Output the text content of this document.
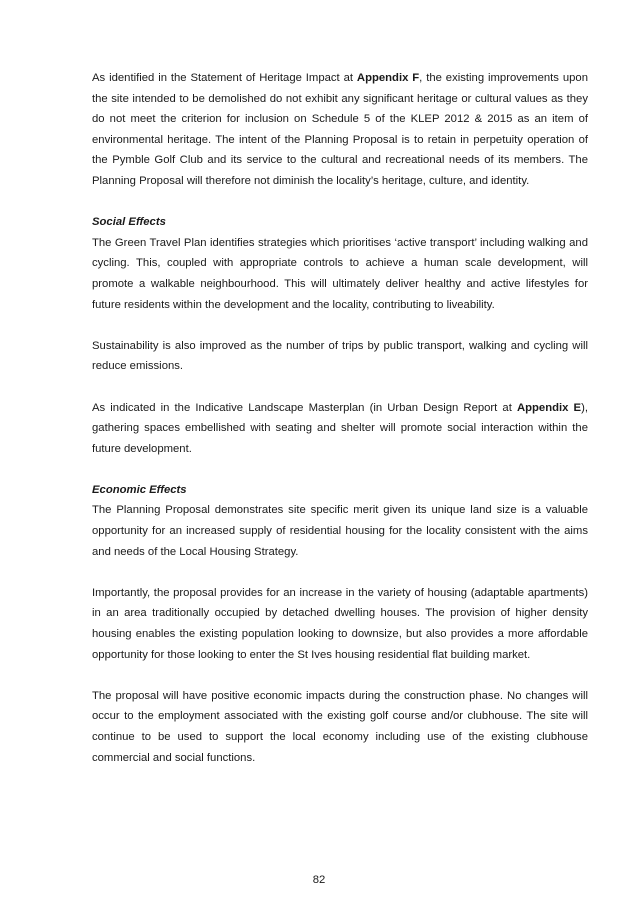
As identified in the Statement of Heritage Impact at Appendix F, the existing improvements upon the site intended to be demolished do not exhibit any significant heritage or cultural values as they do not meet the criterion for inclusion on Schedule 5 of the KLEP 2012 & 2015 as an item of environmental heritage. The intent of the Planning Proposal is to retain in perpetuity operation of the Pymble Golf Club and its service to the cultural and recreational needs of its members. The Planning Proposal will therefore not diminish the locality’s heritage, culture, and identity.

Social Effects

The Green Travel Plan identifies strategies which prioritises ‘active transport’ including walking and cycling. This, coupled with appropriate controls to achieve a human scale development, will promote a walkable neighbourhood. This will ultimately deliver healthy and active lifestyles for future residents within the development and the locality, contributing to liveability.

Sustainability is also improved as the number of trips by public transport, walking and cycling will reduce emissions.

As indicated in the Indicative Landscape Masterplan (in Urban Design Report at Appendix E), gathering spaces embellished with seating and shelter will promote social interaction within the future development.

Economic Effects

The Planning Proposal demonstrates site specific merit given its unique land size is a valuable opportunity for an increased supply of residential housing for the locality consistent with the aims and needs of the Local Housing Strategy.

Importantly, the proposal provides for an increase in the variety of housing (adaptable apartments) in an area traditionally occupied by detached dwelling houses. The provision of higher density housing enables the existing population looking to downsize, but also provides a more affordable opportunity for those looking to enter the St Ives housing residential flat building market.

The proposal will have positive economic impacts during the construction phase. No changes will occur to the employment associated with the existing golf course and/or clubhouse. The site will continue to be used to support the local economy including use of the existing clubhouse commercial and social functions.

82
